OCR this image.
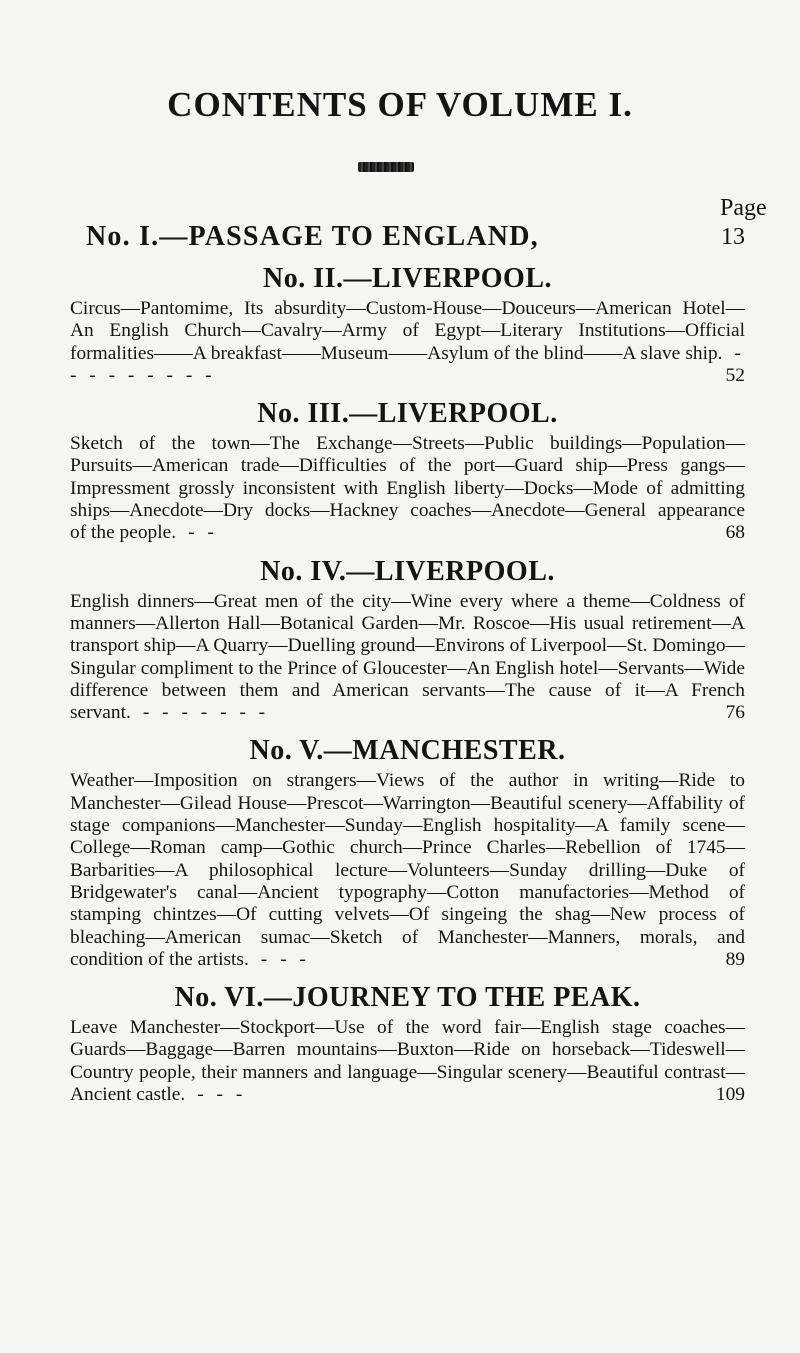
CONTENTS OF VOLUME I.
Page
No. I.—PASSAGE TO ENGLAND,	13
No. II.—LIVERPOOL.

Circus—Pantomime, Its absurdity—Custom-House—Douceurs—American Hotel—An English Church—Cavalry—Army of Egypt—Literary Institutions—Official formalities——A breakfast——Museum——Asylum of the blind——A slave ship. - - - - - - - - -	52

No. III.—LIVERPOOL.

Sketch of the town—The Exchange—Streets—Public buildings—Population—Pursuits—American trade—Difficulties of the port—Guard ship—Press gangs—Impressment grossly inconsistent with English liberty—Docks—Mode of admitting ships—Anecdote—Dry docks—Hackney coaches—Anecdote—General appearance of the people. - -	68

No. IV.—LIVERPOOL.

English dinners—Great men of the city—Wine every where a theme—Coldness of manners—Allerton Hall—Botanical Garden—Mr. Roscoe—His usual retirement—A transport ship—A Quarry—Duelling ground—Environs of Liverpool—St. Domingo—Singular compliment to the Prince of Gloucester—An English hotel—Servants—Wide difference between them and American servants—The cause of it—A French servant. - - - - - - -	76

No. V.—MANCHESTER.

Weather—Imposition on strangers—Views of the author in writing—Ride to Manchester—Gilead House—Prescot—Warrington—Beautiful scenery—Affability of stage companions—Manchester—Sunday—English hospitality—A family scene—College—Roman camp—Gothic church—Prince Charles—Rebellion of 1745—Barbarities—A philosophical lecture—Volunteers—Sunday drilling—Duke of Bridgewater's canal—Ancient typography—Cotton manufactories—Method of stamping chintzes—Of cutting velvets—Of singeing the shag—New process of bleaching—American sumac—Sketch of Manchester—Manners, morals, and condition of the artists. - - -	89

No. VI.—JOURNEY TO THE PEAK.

Leave Manchester—Stockport—Use of the word fair—English stage coaches—Guards—Baggage—Barren mountains—Buxton—Ride on horseback—Tideswell—Country people, their manners and language—Singular scenery—Beautiful contrast—Ancient castle. - - -	109
